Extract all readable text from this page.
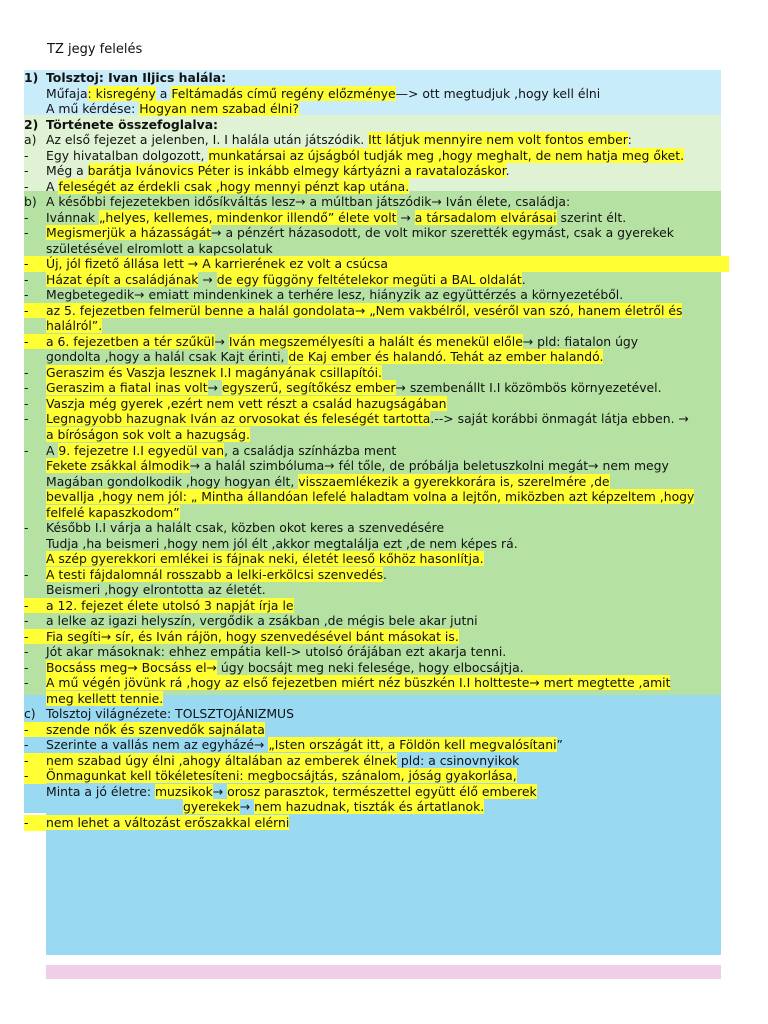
TZ jegy felelés
1) Tolsztoj: Ivan Iljics halála:
Műfaja: kisregény a Feltámadás című regény előzménye—> ott megtudjuk ,hogy kell élni
A mű kérdése: Hogyan nem szabad élni?
2) Története összefoglalva:
a) Az első fejezet a jelenben, I. I halála után játszódik. Itt látjuk mennyire nem volt fontos ember:
-	Egy hivatalban dolgozott, munkatársai az újságból tudják meg ,hogy meghalt, de nem hatja meg őket.
-	Még a barátja Ivánovics Péter is inkább elmegy kártyázni a ravatalozáskor.
-	A feleségét az érdekli csak ,hogy mennyi pénzt kap utána.
b) A későbbi fejezetekben idősíkváltás lesz→ a múltban játszódik→ Iván élete, családja:
-	Ivánnak „helyes, kellemes, mindenkor illendő” élete volt → a társadalom elvárásai szerint élt.
-	Megismerjük a házasságát→ a pénzért házasodott, de volt mikor szerették egymást, csak a gyerekek
születésével elromlott a kapcsolatuk
-	Új, jól fizető állása lett → A karrierének ez volt a csúcsa
-	Házat épít a családjának → de egy függöny feltételekor megüti a BAL oldalát.
-	Megbetegedik→ emiatt mindenkinek a terhére lesz, hiányzik az együttérzés a környezetéből.
-	az 5. fejezetben felmerül benne a halál gondolata→ „Nem vakbélről, veséről van szó, hanem életről és
halálról”.
-	a 6. fejezetben a tér szűkül→ Iván megszemélyesíti a halált és menekül előle→ pld: fiatalon úgy
gondolta ,hogy a halál csak Kajt érinti, de Kaj ember és halandó. Tehát az ember halandó.
-	Geraszim és Vaszja lesznek I.I magányának csillapítói.
-	Geraszim a fiatal inas volt→ egyszerű, segítőkész ember→ szembenállt I.I közömbös környezetével.
-	Vaszja még gyerek ,ezért nem vett részt a család hazugságában
-	Legnagyobb hazugnak Iván az orvosokat és feleségét tartotta.--> saját korábbi önmagát látja ebben. →
a bíróságon sok volt a hazugság.
-	A 9. fejezetre I.I egyedül van, a családja színházba ment
Fekete zsákkal álmodik→ a halál szimbóluma→ fél tőle, de próbálja beletuszkolni megát→ nem megy
Magában gondolkodik ,hogy hogyan élt, visszaemlékezik a gyerekkorára is, szerelmére ,de
bevallja ,hogy nem jól: „ Mintha állandóan lefelé haladtam volna a lejtőn, miközben azt képzeltem ,hogy
felfelé kapaszkodom”
-	Később I.I várja a halált csak, közben okot keres a szenvedésére
Tudja ,ha beismeri ,hogy nem jól élt ,akkor megtalálja ezt ,de nem képes rá.
A szép gyerekkori emlékei is fájnak neki, életét leeső kőhöz hasonlítja.
-	A testi fájdalomnál rosszabb a lelki-erkölcsi szenvedés.
Beismeri ,hogy elrontotta az életét.
-	a 12. fejezet élete utolsó 3 napját írja le
-	a lelke az igazi helyszín, vergődik a zsákban ,de mégis bele akar jutni
-	Fia segíti→ sír, és Iván rájön, hogy szenvedésével bánt másokat is.
-	Jót akar másoknak: ehhez empátia kell-> utolsó órájában ezt akarja tenni.
-	Bocsáss meg→ Bocsáss el→ úgy bocsájt meg neki felesége, hogy elbocsájtja.
-	A mű végén jövünk rá ,hogy az első fejezetben miért néz büszkén I.I holtteste→ mert megtette ,amit
meg kellett tennie.
c) Tolsztoj világnézete: TOLSZTOJÁNIZMUS
-	szende nők és szenvedők sajnálata
-	Szerinte a vallás nem az egyházé→ „Isten országát itt, a Földön kell megvalósítani”
-	nem szabad úgy élni ,ahogy általában az emberek élnek pld: a csinovnyikok
-	Önmagunkat kell tökéletesíteni: megbocsájtás, szánalom, jóság gyakorlása,
Minta a jó életre: muzsikok→ orosz parasztok, természettel együtt élő emberek
gyerekek→ nem hazudnak, tiszták és ártatlanok.
-	nem lehet a változást erőszakkal elérni
